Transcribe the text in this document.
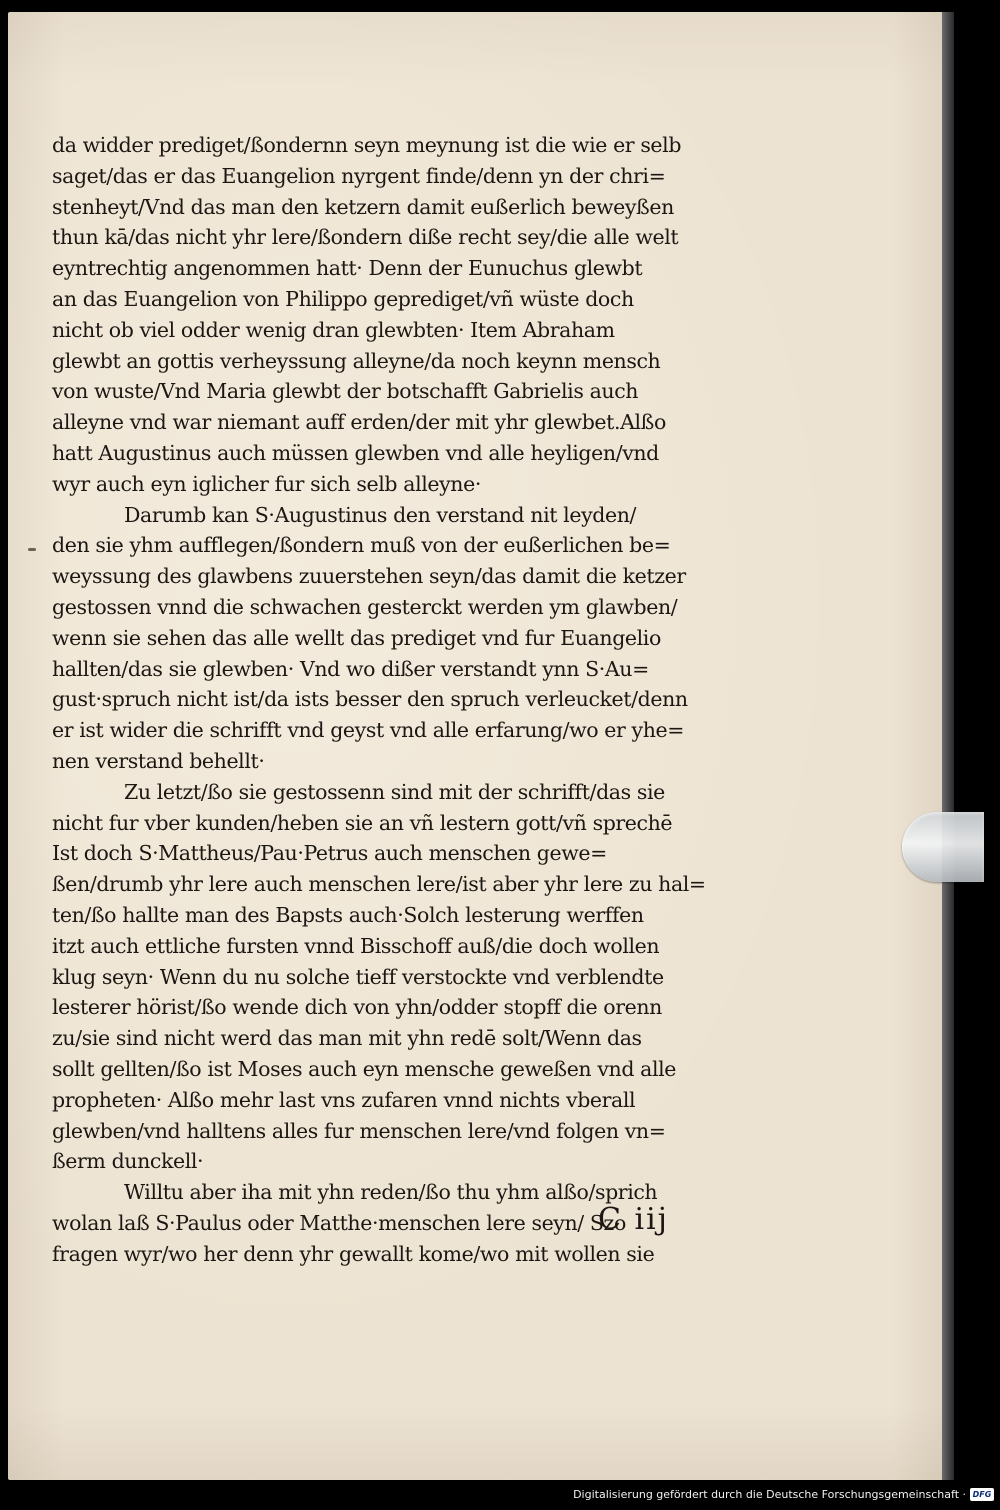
da widder prediget/ßondernn seyn meynung ist die wie er selb
saget/das er das Euangelion nyrgent finde/denn yn der chri=
stenheyt/Vnd das man den ketzern damit eußerlich beweyßen
thun kā/das nicht yhr lere/ßondern diße recht sey/die alle welt
eyntrechtig angenommen hatt· Denn der Eunuchus glewbt
an das Euangelion von Philippo geprediget/vñ wüste doch
nicht ob viel odder wenig dran glewbten· Item Abraham
glewbt an gottis verheyssung alleyne/da noch keynn mensch
von wuste/Vnd Maria glewbt der botschafft Gabrielis auch
alleyne vnd war niemant auff erden/der mit yhr glewbet.Alßo
hatt Augustinus auch müssen glewben vnd alle heyligen/vnd
wyr auch eyn iglicher fur sich selb alleyne·
Darumb kan S·Augustinus den verstand nit leyden/
den sie yhm aufflegen/ßondern muß von der eußerlichen be=
weyssung des glawbens zuuerstehen seyn/das damit die ketzer
gestossen vnnd die schwachen gesterckt werden ym glawben/
wenn sie sehen das alle wellt das prediget vnd fur Euangelio
hallten/das sie glewben· Vnd wo dißer verstandt ynn S·Au=
gust·spruch nicht ist/da ists besser den spruch verleucket/denn
er ist wider die schrifft vnd geyst vnd alle erfarung/wo er yhe=
nen verstand behellt·
Zu letzt/ßo sie gestossenn sind mit der schrifft/das sie
nicht fur vber kunden/heben sie an vñ lestern gott/vñ sprechē
Ist doch S·Mattheus/Pau·Petrus auch menschen gewe=
ßen/drumb yhr lere auch menschen lere/ist aber yhr lere zu hal=
ten/ßo hallte man des Bapsts auch·Solch lesterung werffen
itzt auch ettliche fursten vnnd Bisschoff auß/die doch wollen
klug seyn· Wenn du nu solche tieff verstockte vnd verblendte
lesterer hörist/ßo wende dich von yhn/odder stopff die orenn
zu/sie sind nicht werd das man mit yhn redē solt/Wenn das
sollt gellten/ßo ist Moses auch eyn mensche geweßen vnd alle
propheten· Alßo mehr last vns zufaren vnnd nichts vberall
glewben/vnd halltens alles fur menschen lere/vnd folgen vn=
ßerm dunckell·
Willtu aber iha mit yhn reden/ßo thu yhm alßo/sprich
wolan laß S·Paulus oder Matthe·menschen lere seyn/ Szo
fragen wyr/wo her denn yhr gewallt kome/wo mit wollen sie
C iij
Digitalisierung gefördert durch die Deutsche Forschungsgemeinschaft · DFG
